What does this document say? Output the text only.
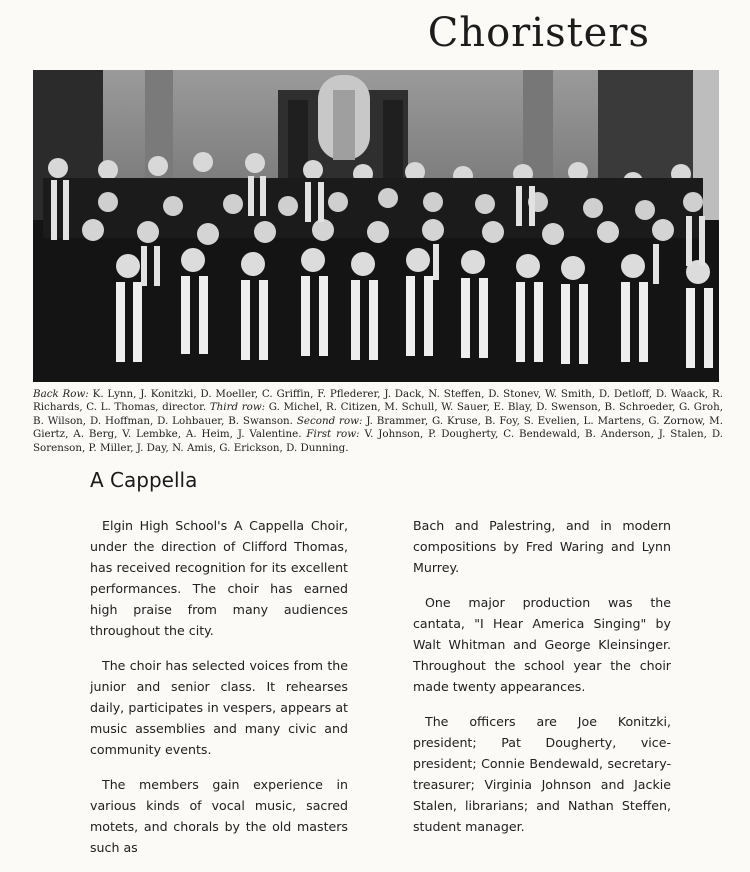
Choristers
Back Row: K. Lynn, J. Konitzki, D. Moeller, C. Griffin, F. Pflederer, J. Dack, N. Steffen, D. Stonev, W. Smith, D. Detloff, D. Waack, R. Richards, C. L. Thomas, director. Third row: G. Michel, R. Citizen, M. Schull, W. Sauer, E. Blay, D. Swenson, B. Schroeder, G. Groh, B. Wilson, D. Hoffman, D. Lohbauer, B. Swanson. Second row: J. Brammer, G. Kruse, B. Foy, S. Evelien, L. Martens, G. Zornow, M. Giertz, A. Berg, V. Lembke, A. Heim, J. Valentine. First row: V. Johnson, P. Dougherty, C. Bendewald, B. Anderson, J. Stalen, D. Sorenson, P. Miller, J. Day, N. Amis, G. Erickson, D. Dunning.
A Cappella

Elgin High School's A Cappella Choir, under the direction of Clifford Thomas, has received recognition for its excellent performances. The choir has earned high praise from many audiences throughout the city.

The choir has selected voices from the junior and senior class. It rehearses daily, participates in vespers, appears at music assemblies and many civic and community events.

The members gain experience in various kinds of vocal music, sacred motets, and chorals by the old masters such as

Bach and Palestring, and in modern compositions by Fred Waring and Lynn Murrey.

One major production was the cantata, "I Hear America Singing" by Walt Whitman and George Kleinsinger. Throughout the school year the choir made twenty appearances.

The officers are Joe Konitzki, president; Pat Dougherty, vice-president; Connie Bendewald, secretary-treasurer; Virginia Johnson and Jackie Stalen, librarians; and Nathan Steffen, student manager.
